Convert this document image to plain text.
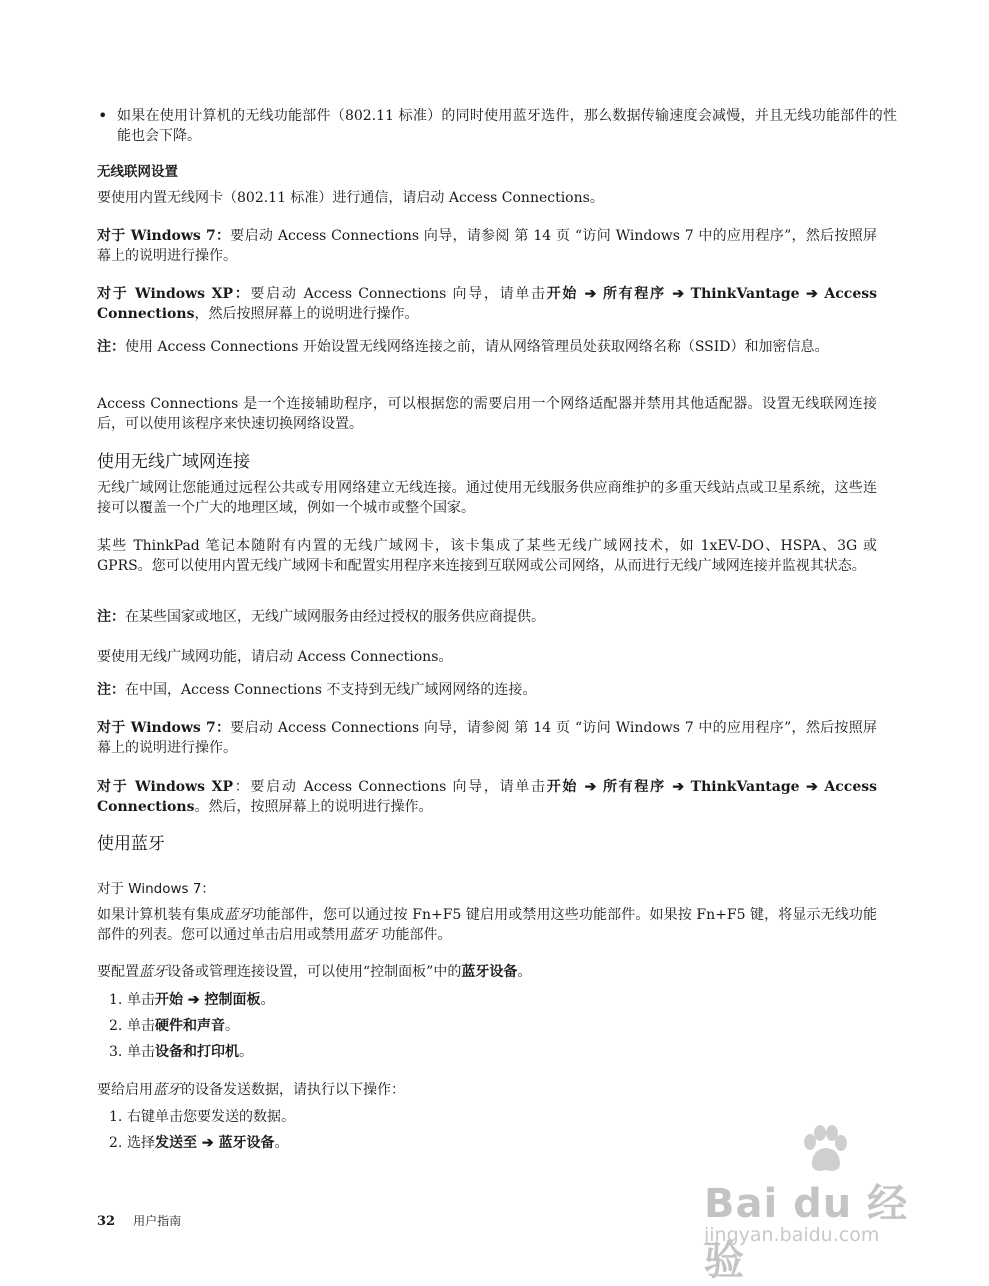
• 如果在使用计算机的无线功能部件（802.11 标准）的同时使用蓝牙选件，那么数据传输速度会减慢，并且无线功能部件的性能也会下降。

无线联网设置

要使用内置无线网卡（802.11 标准）进行通信，请启动 Access Connections。

对于 Windows 7：要启动 Access Connections 向导，请参阅 第 14 页 “访问 Windows 7 中的应用程序”，然后按照屏幕上的说明进行操作。

对于 Windows XP：要启动 Access Connections 向导，请单击开始 ➔ 所有程序 ➔ ThinkVantage ➔ Access Connections，然后按照屏幕上的说明进行操作。

注：使用 Access Connections 开始设置无线网络连接之前，请从网络管理员处获取网络名称（SSID）和加密信息。

Access Connections 是一个连接辅助程序，可以根据您的需要启用一个网络适配器并禁用其他适配器。设置无线联网连接后，可以使用该程序来快速切换网络设置。

使用无线广域网连接

无线广域网让您能通过远程公共或专用网络建立无线连接。通过使用无线服务供应商维护的多重天线站点或卫星系统，这些连接可以覆盖一个广大的地理区域，例如一个城市或整个国家。

某些 ThinkPad 笔记本随附有内置的无线广域网卡，该卡集成了某些无线广域网技术，如 1xEV-DO、HSPA、3G 或 GPRS。您可以使用内置无线广域网卡和配置实用程序来连接到互联网或公司网络，从而进行无线广域网连接并监视其状态。

注：在某些国家或地区，无线广域网服务由经过授权的服务供应商提供。

要使用无线广域网功能，请启动 Access Connections。

注：在中国，Access Connections 不支持到无线广域网网络的连接。

对于 Windows 7：要启动 Access Connections 向导，请参阅 第 14 页 “访问 Windows 7 中的应用程序”，然后按照屏幕上的说明进行操作。

对于 Windows XP：要启动 Access Connections 向导，请单击开始 ➔ 所有程序 ➔ ThinkVantage ➔ Access Connections。然后，按照屏幕上的说明进行操作。

使用蓝牙
对于 Windows 7：

如果计算机装有集成蓝牙功能部件，您可以通过按 Fn+F5 键启用或禁用这些功能部件。如果按 Fn+F5 键，将显示无线功能部件的列表。您可以通过单击启用或禁用蓝牙 功能部件。

要配置蓝牙设备或管理连接设置，可以使用“控制面板”中的蓝牙设备。

1. 单击开始 ➔ 控制面板。
2. 单击硬件和声音。
3. 单击设备和打印机。

要给启用蓝牙的设备发送数据，请执行以下操作：

1. 右键单击您要发送的数据。
2. 选择发送至 ➔ 蓝牙设备。
32 用户指南	Bai du 经验
jingyan.baidu.com
